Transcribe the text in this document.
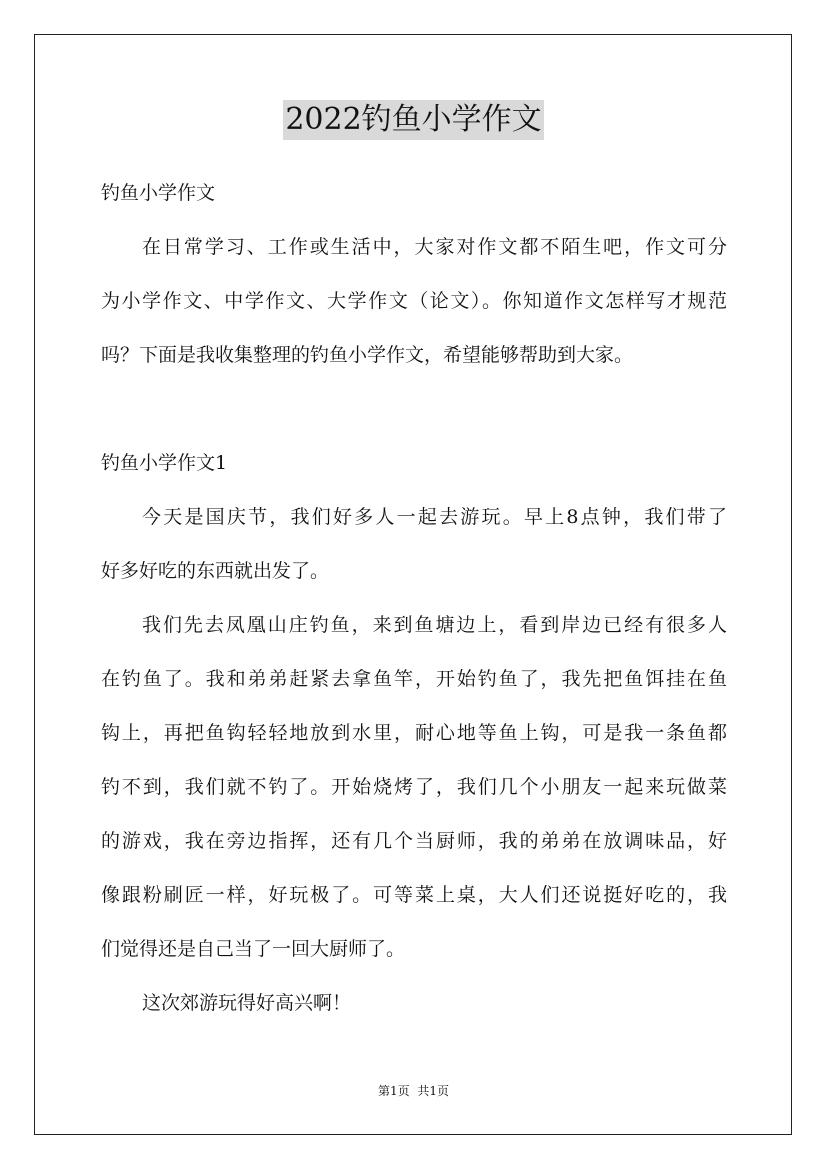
2022钓鱼小学作文
钓鱼小学作文
在日常学习、工作或生活中，大家对作文都不陌生吧，作文可分
为小学作文、中学作文、大学作文（论文）。你知道作文怎样写才规范
吗？下面是我收集整理的钓鱼小学作文，希望能够帮助到大家。
钓鱼小学作文1
今天是国庆节，我们好多人一起去游玩。早上8点钟，我们带了
好多好吃的东西就出发了。
我们先去凤凰山庄钓鱼，来到鱼塘边上，看到岸边已经有很多人
在钓鱼了。我和弟弟赶紧去拿鱼竿，开始钓鱼了，我先把鱼饵挂在鱼
钩上，再把鱼钩轻轻地放到水里，耐心地等鱼上钩，可是我一条鱼都
钓不到，我们就不钓了。开始烧烤了，我们几个小朋友一起来玩做菜
的游戏，我在旁边指挥，还有几个当厨师，我的弟弟在放调味品，好
像跟粉刷匠一样，好玩极了。可等菜上桌，大人们还说挺好吃的，我
们觉得还是自己当了一回大厨师了。
这次郊游玩得好高兴啊！
第1页 共1页
